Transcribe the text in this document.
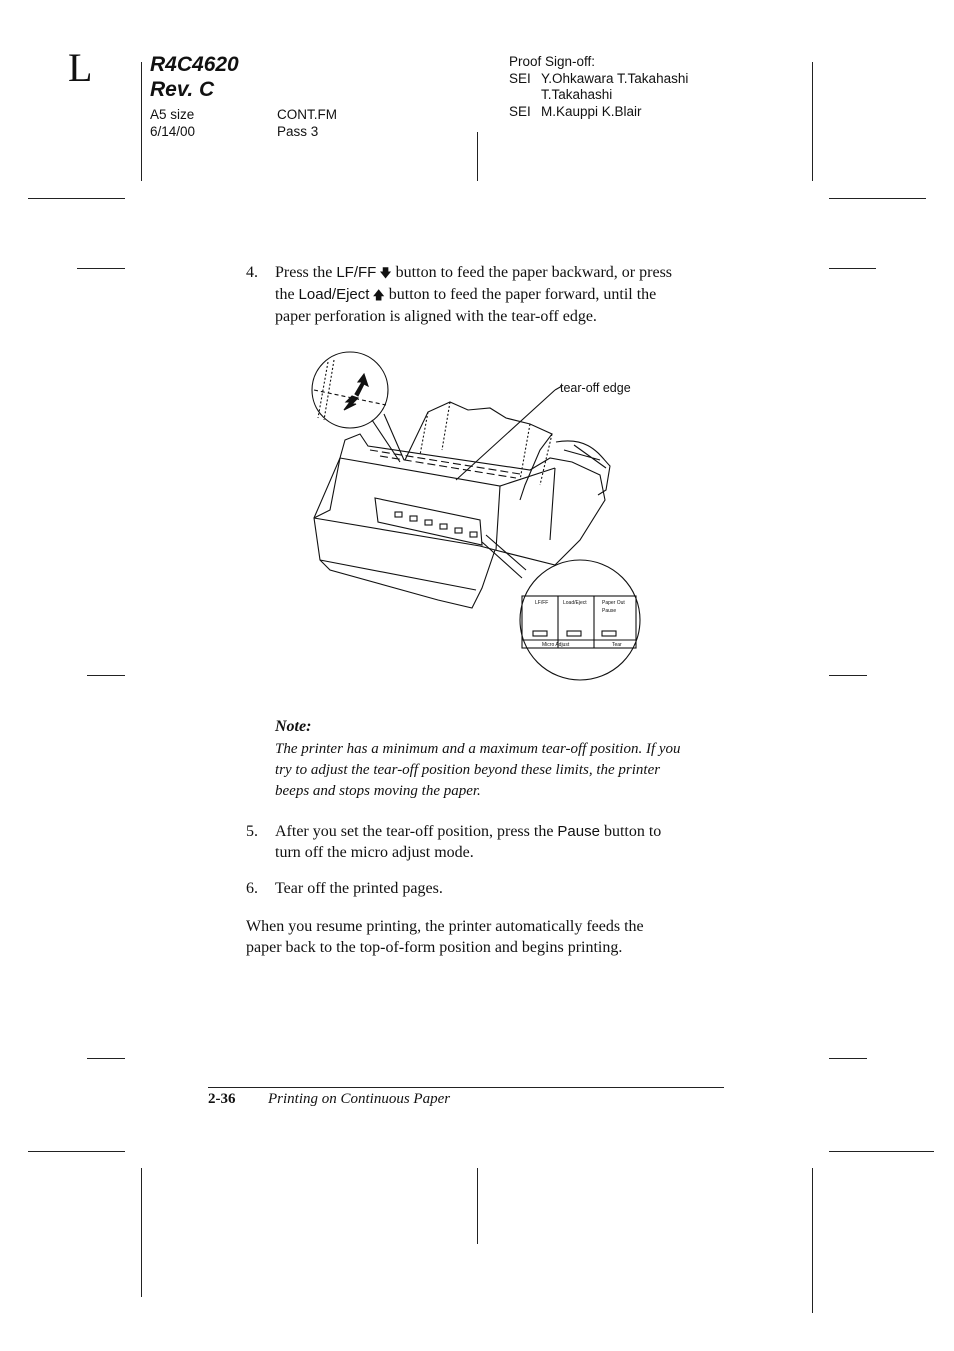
L	R4C4620
Rev. C
A5 size
6/14/00
CONT.FM
Pass 3
Proof Sign-off:
SEI Y.Ohkawara T.Takahashi
T.Takahashi
SEI M.Kauppi K.Blair
4. Press the LF/FF 🡇 button to feed the paper backward, or press
the Load/Eject 🡅 button to feed the paper forward, until the
paper perforation is aligned with the tear-off edge.
tear-off edge
LF/FF	Load/Eject	Paper Out
Pause
Micro Adjust	Tear
Note:
The printer has a minimum and a maximum tear-off position. If you
try to adjust the tear-off position beyond these limits, the printer
beeps and stops moving the paper.
5. After you set the tear-off position, press the Pause button to
turn off the micro adjust mode.
6. Tear off the printed pages.
When you resume printing, the printer automatically feeds the
paper back to the top-of-form position and begins printing.
2-36 Printing on Continuous Paper
